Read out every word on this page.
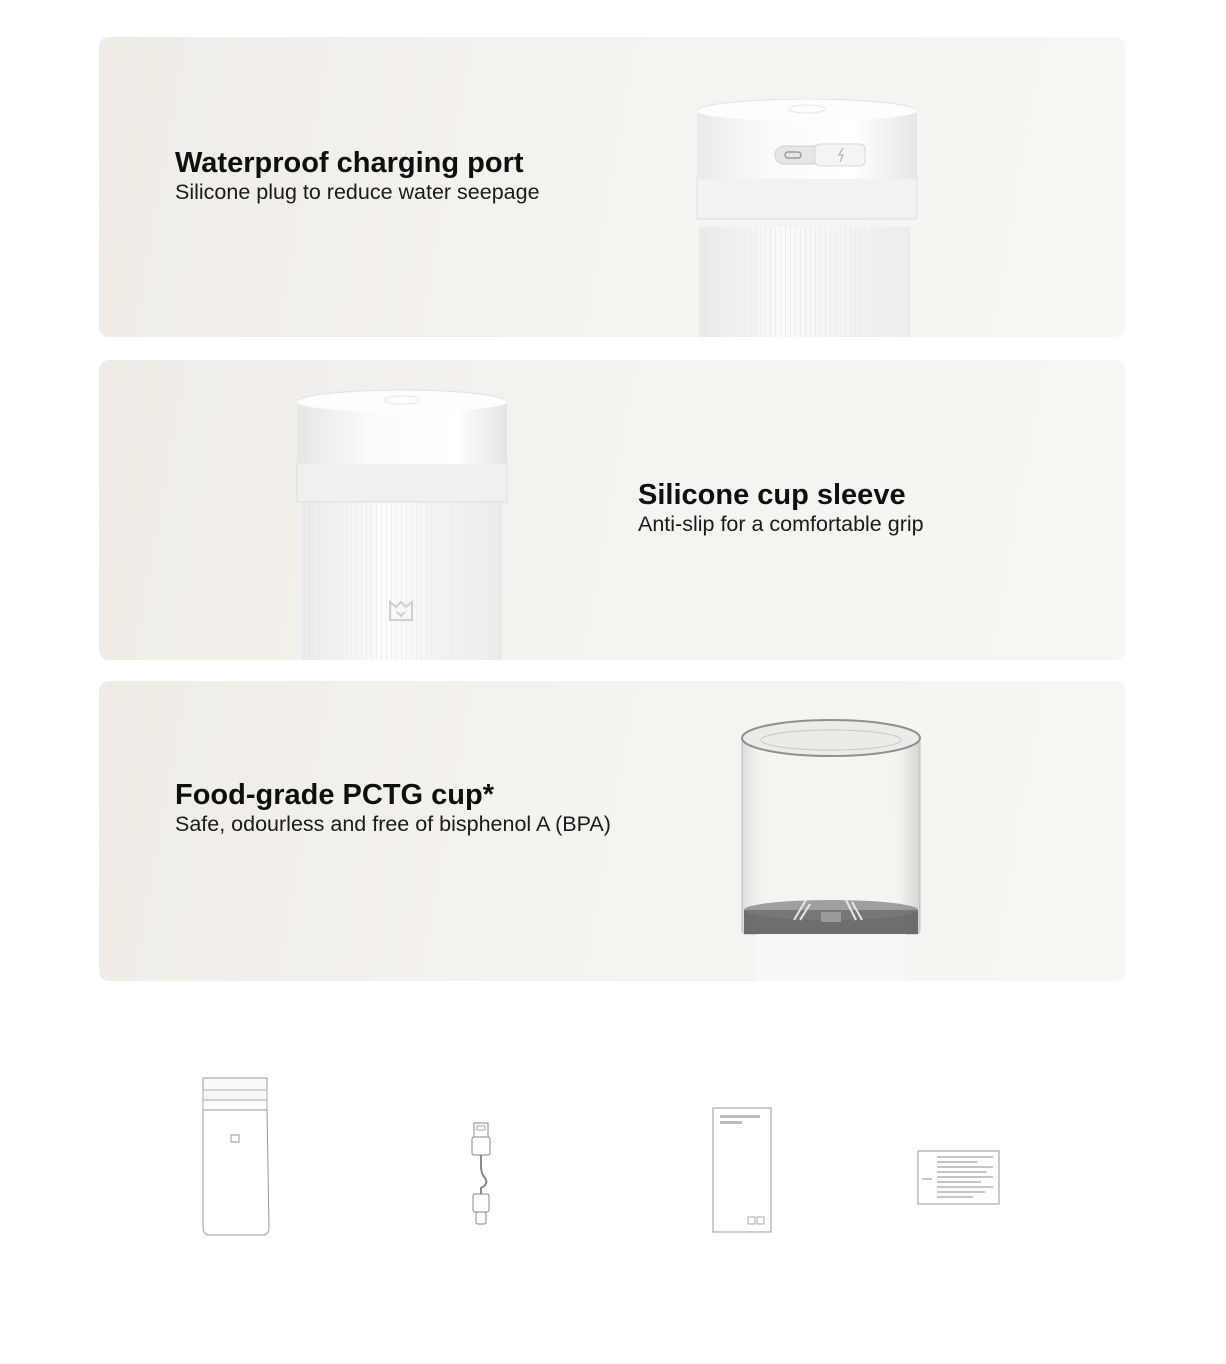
Waterproof charging port

Silicone plug to reduce water seepage

Silicone cup sleeve

Anti-slip for a comfortable grip

Food-grade PCTG cup*

Safe, odourless and free of bisphenol A (BPA)
